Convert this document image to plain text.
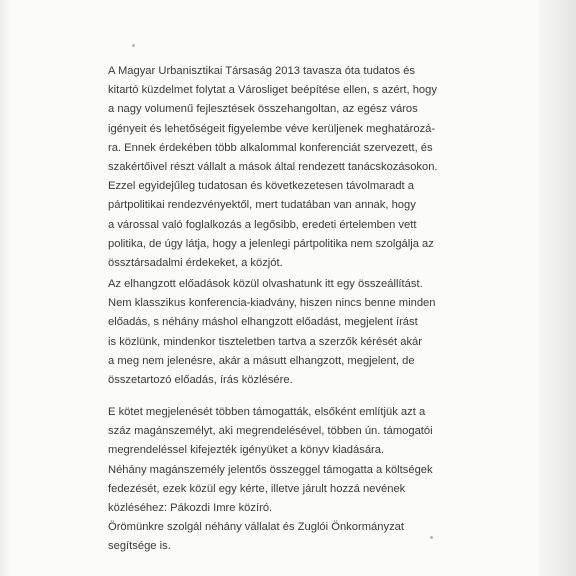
A Magyar Urbanisztikai Társaság 2013 tavasza óta tudatos és
kitartó küzdelmet folytat a Városliget beépítése ellen, s azért, hogy
a nagy volumenű fejlesztések összehangoltan, az egész város
igényeit és lehetőségeit figyelembe véve kerüljenek meghatározá-
ra. Ennek érdekében több alkalommal konferenciát szervezett, és
szakértőivel részt vállalt a mások által rendezett tanácskozásokon.
Ezzel egyidejűleg tudatosan és következetesen távolmaradt a
pártpolitikai rendezvényektől, mert tudatában van annak, hogy
a várossal való foglalkozás a legősibb, eredeti értelemben vett
politika, de úgy látja, hogy a jelenlegi pártpolitika nem szolgálja az
össztársadalmi érdekeket, a közjót.
Az elhangzott előadások közül olvashatunk itt egy összeállítást.
Nem klasszikus konferencia-kiadvány, hiszen nincs benne minden
előadás, s néhány máshol elhangzott előadást, megjelent írást
is közlünk, mindenkor tiszteletben tartva a szerzők kérését akár
a meg nem jelenésre, akár a másutt elhangzott, megjelent, de
összetartozó előadás, írás közlésére.
E kötet megjelenését többen támogatták, elsőként említjük azt a
száz magánszemélyt, aki megrendelésével, többen ún. támogatói
megrendeléssel kifejezték igényüket a könyv kiadására.
Néhány magánszemély jelentős összeggel támogatta a költségek
fedezését, ezek közül egy kérte, illetve járult hozzá nevének
közléséhez: Pákozdi Imre közíró.
Örömünkre szolgál néhány vállalat és Zuglói Önkormányzat
segítsége is.
